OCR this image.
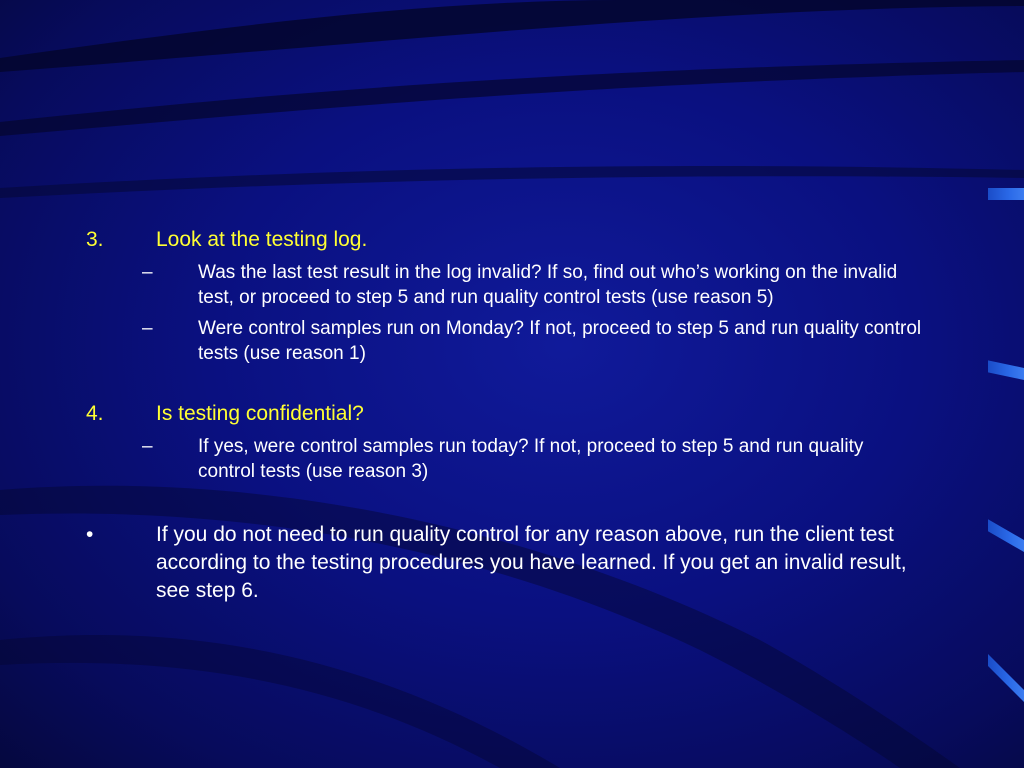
3. Look at the testing log.
– Was the last test result in the log invalid? If so, find out who’s working on the invalid test, or proceed to step 5 and run quality control tests (use reason 5)
– Were control samples run on Monday? If not, proceed to step 5 and run quality control tests (use reason 1)
4. Is testing confidential?
– If yes, were control samples run today? If not, proceed to step 5 and run quality control tests (use reason 3)
•	If you do not need to run quality control for any reason above, run the client test according to the testing procedures you have learned. If you get an invalid result, see step 6.
